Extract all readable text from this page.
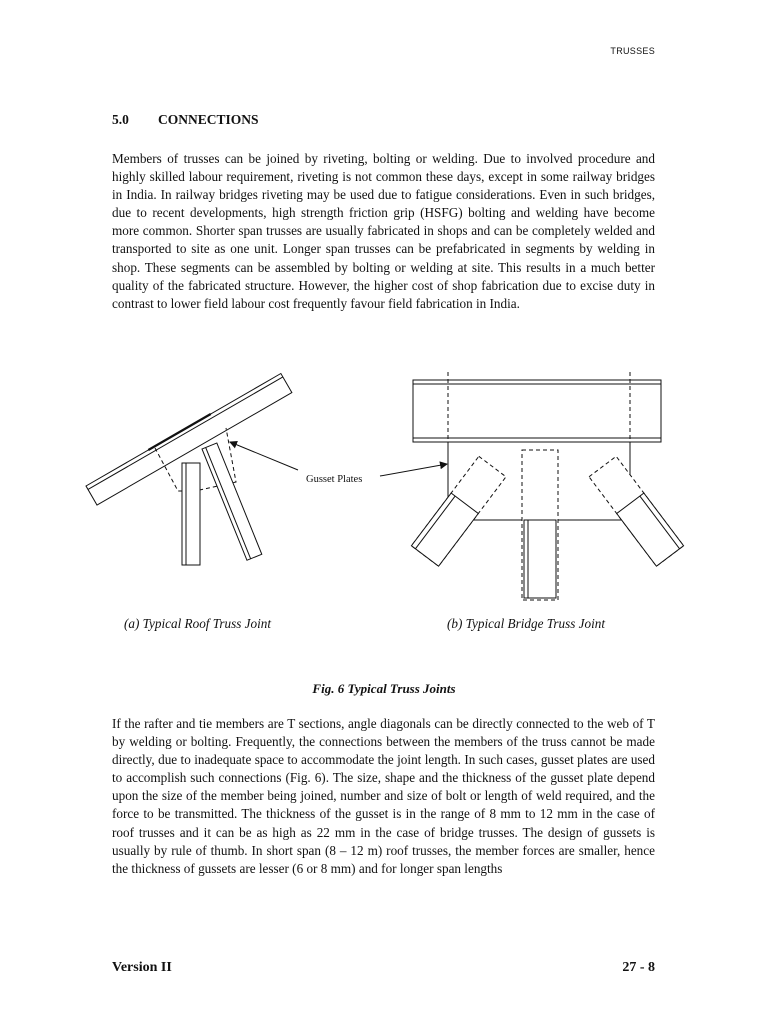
TRUSSES
5.0 CONNECTIONS

Members of trusses can be joined by riveting, bolting or welding. Due to involved procedure and highly skilled labour requirement, riveting is not common these days, except in some railway bridges in India. In railway bridges riveting may be used due to fatigue considerations. Even in such bridges, due to recent developments, high strength friction grip (HSFG) bolting and welding have become more common. Shorter span trusses are usually fabricated in shops and can be completely welded and transported to site as one unit. Longer span trusses can be prefabricated in segments by welding in shop. These segments can be assembled by bolting or welding at site. This results in a much better quality of the fabricated structure. However, the higher cost of shop fabrication due to excise duty in contrast to lower field labour cost frequently favour field fabrication in India.

Gusset Plates
(a) Typical Roof Truss Joint	(b) Typical Bridge Truss Joint
Fig. 6 Typical Truss Joints

If the rafter and tie members are T sections, angle diagonals can be directly connected to the web of T by welding or bolting. Frequently, the connections between the members of the truss cannot be made directly, due to inadequate space to accommodate the joint length. In such cases, gusset plates are used to accomplish such connections (Fig. 6). The size, shape and the thickness of the gusset plate depend upon the size of the member being joined, number and size of bolt or length of weld required, and the force to be transmitted. The thickness of the gusset is in the range of 8 mm to 12 mm in the case of roof trusses and it can be as high as 22 mm in the case of bridge trusses. The design of gussets is usually by rule of thumb. In short span (8 – 12 m) roof trusses, the member forces are smaller, hence the thickness of gussets are lesser (6 or 8 mm) and for longer span lengths

Version II	27 - 8
